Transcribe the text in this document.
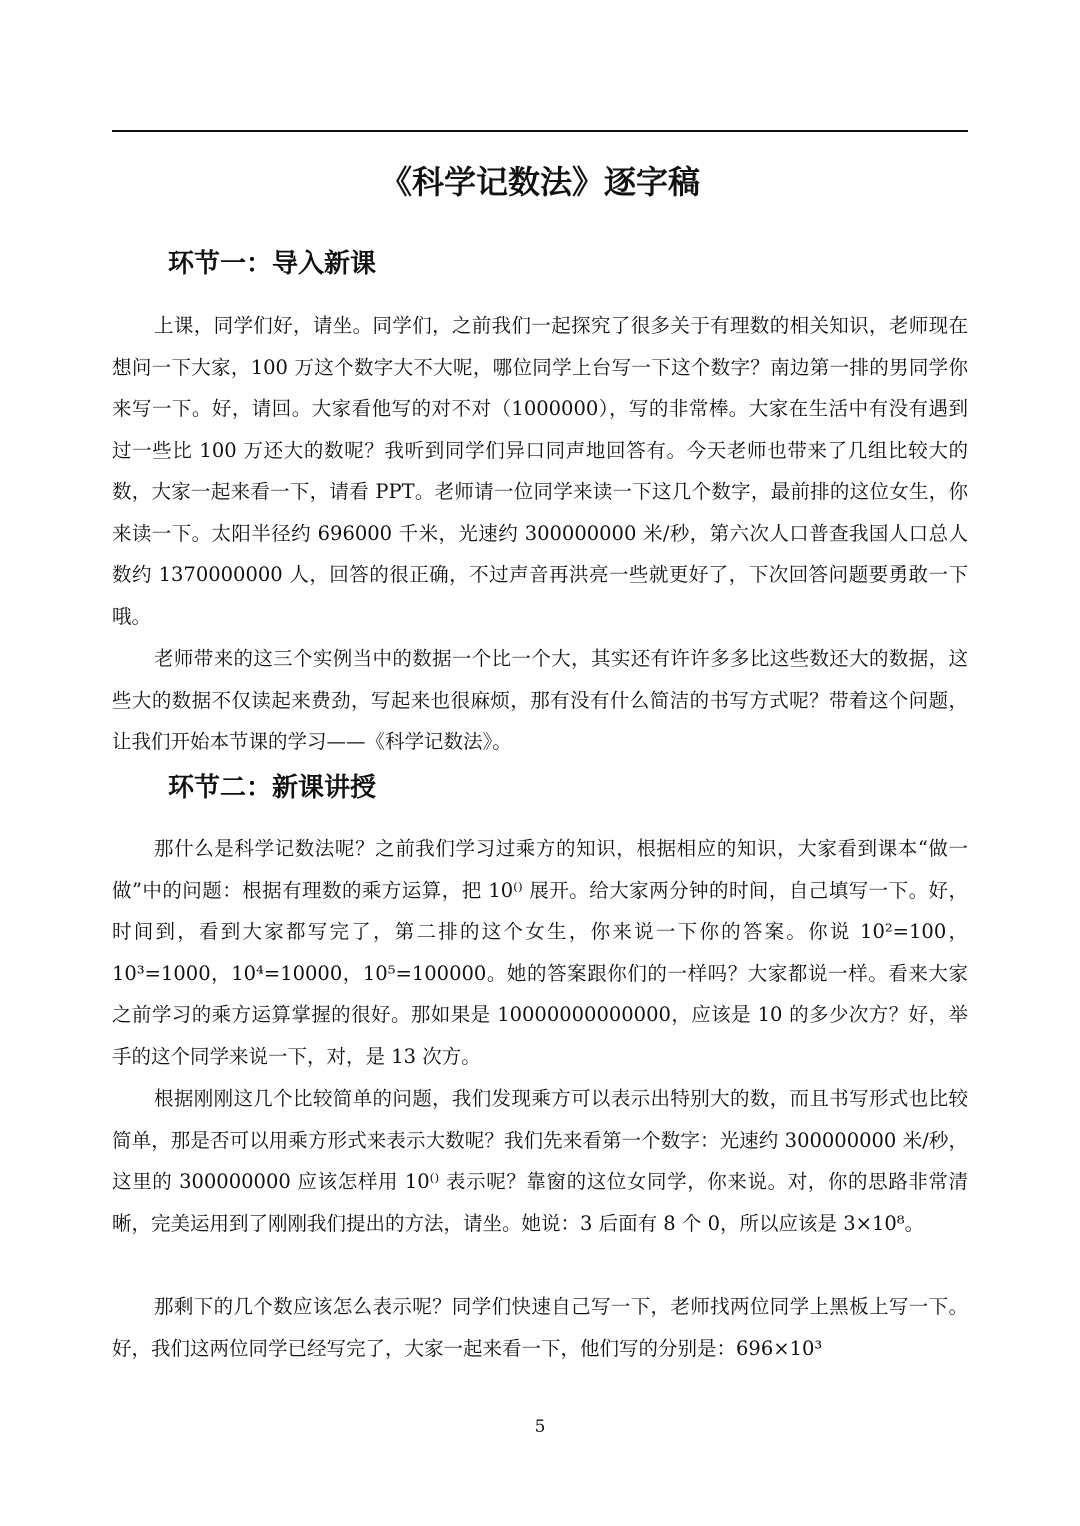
《科学记数法》逐字稿
环节一：导入新课

上课，同学们好，请坐。同学们，之前我们一起探究了很多关于有理数的相关知识，老师现在想问一下大家，100 万这个数字大不大呢，哪位同学上台写一下这个数字？南边第一排的男同学你来写一下。好，请回。大家看他写的对不对（1000000），写的非常棒。大家在生活中有没有遇到过一些比 100 万还大的数呢？我听到同学们异口同声地回答有。今天老师也带来了几组比较大的数，大家一起来看一下，请看 PPT。老师请一位同学来读一下这几个数字，最前排的这位女生，你来读一下。太阳半径约 696000 千米，光速约 300000000 米/秒，第六次人口普查我国人口总人数约 1370000000 人，回答的很正确，不过声音再洪亮一些就更好了，下次回答问题要勇敢一下哦。

老师带来的这三个实例当中的数据一个比一个大，其实还有许许多多比这些数还大的数据，这些大的数据不仅读起来费劲，写起来也很麻烦，那有没有什么简洁的书写方式呢？带着这个问题，让我们开始本节课的学习——《科学记数法》。

环节二：新课讲授

那什么是科学记数法呢？之前我们学习过乘方的知识，根据相应的知识，大家看到课本“做一做”中的问题：根据有理数的乘方运算，把 10⁽⁾ 展开。给大家两分钟的时间，自己填写一下。好，时间到，看到大家都写完了，第二排的这个女生，你来说一下你的答案。你说 10²=100，10³=1000，10⁴=10000，10⁵=100000。她的答案跟你们的一样吗？大家都说一样。看来大家之前学习的乘方运算掌握的很好。那如果是 10000000000000，应该是 10 的多少次方？好，举手的这个同学来说一下，对，是 13 次方。

根据刚刚这几个比较简单的问题，我们发现乘方可以表示出特别大的数，而且书写形式也比较简单，那是否可以用乘方形式来表示大数呢？我们先来看第一个数字：光速约 300000000 米/秒，这里的 300000000 应该怎样用 10⁽⁾ 表示呢？靠窗的这位女同学，你来说。对，你的思路非常清晰，完美运用到了刚刚我们提出的方法，请坐。她说：3 后面有 8 个 0，所以应该是 3×10⁸。

那剩下的几个数应该怎么表示呢？同学们快速自己写一下，老师找两位同学上黑板上写一下。好，我们这两位同学已经写完了，大家一起来看一下，他们写的分别是：696×10³

5
